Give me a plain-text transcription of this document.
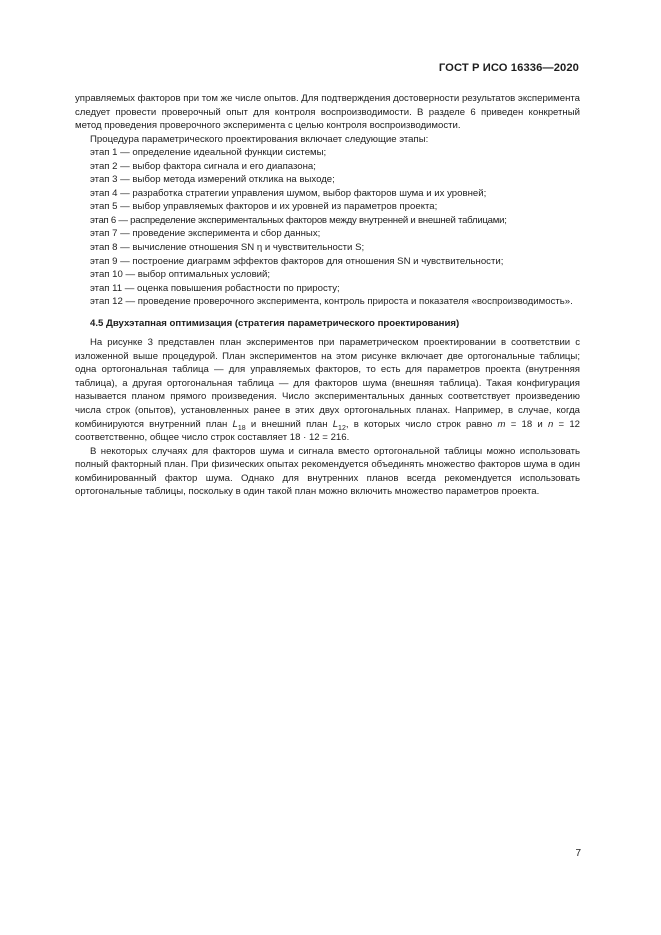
ГОСТ Р ИСО 16336—2020

управляемых факторов при том же числе опытов. Для подтверждения достоверности результатов эксперимента следует провести проверочный опыт для контроля воспроизводимости. В разделе 6 приведен конкретный метод проведения проверочного эксперимента с целью контроля воспроизводимости.

Процедура параметрического проектирования включает следующие этапы:

этап 1 — определение идеальной функции системы;

этап 2 — выбор фактора сигнала и его диапазона;

этап 3 — выбор метода измерений отклика на выходе;

этап 4 — разработка стратегии управления шумом, выбор факторов шума и их уровней;

этап 5 — выбор управляемых факторов и их уровней из параметров проекта;

этап 6 — распределение экспериментальных факторов между внутренней и внешней таблицами;

этап 7 — проведение эксперимента и сбор данных;

этап 8 — вычисление отношения SN η и чувствительности S;

этап 9 — построение диаграмм эффектов факторов для отношения SN и чувствительности;

этап 10 — выбор оптимальных условий;

этап 11 — оценка повышения робастности по приросту;

этап 12 — проведение проверочного эксперимента, контроль прироста и показателя «воспроизводимость».

4.5 Двухэтапная оптимизация (стратегия параметрического проектирования)

На рисунке 3 представлен план экспериментов при параметрическом проектировании в соответствии с изложенной выше процедурой. План экспериментов на этом рисунке включает две ортогональные таблицы; одна ортогональная таблица — для управляемых факторов, то есть для параметров проекта (внутренняя таблица), а другая ортогональная таблица — для факторов шума (внешняя таблица). Такая конфигурация называется планом прямого произведения. Число экспериментальных данных соответствует произведению числа строк (опытов), установленных ранее в этих двух ортогональных планах. Например, в случае, когда комбинируются внутренний план $L_{18}$ и внешний план $L_{12}$, в которых число строк равно m = 18 и n = 12 соответственно, общее число строк составляет 18 · 12 = 216.

В некоторых случаях для факторов шума и сигнала вместо ортогональной таблицы можно использовать полный факторный план. При физических опытах рекомендуется объединять множество факторов шума в один комбинированный фактор шума. Однако для внутренних планов всегда рекомендуется использовать ортогональные таблицы, поскольку в один такой план можно включить множество параметров проекта.

7
